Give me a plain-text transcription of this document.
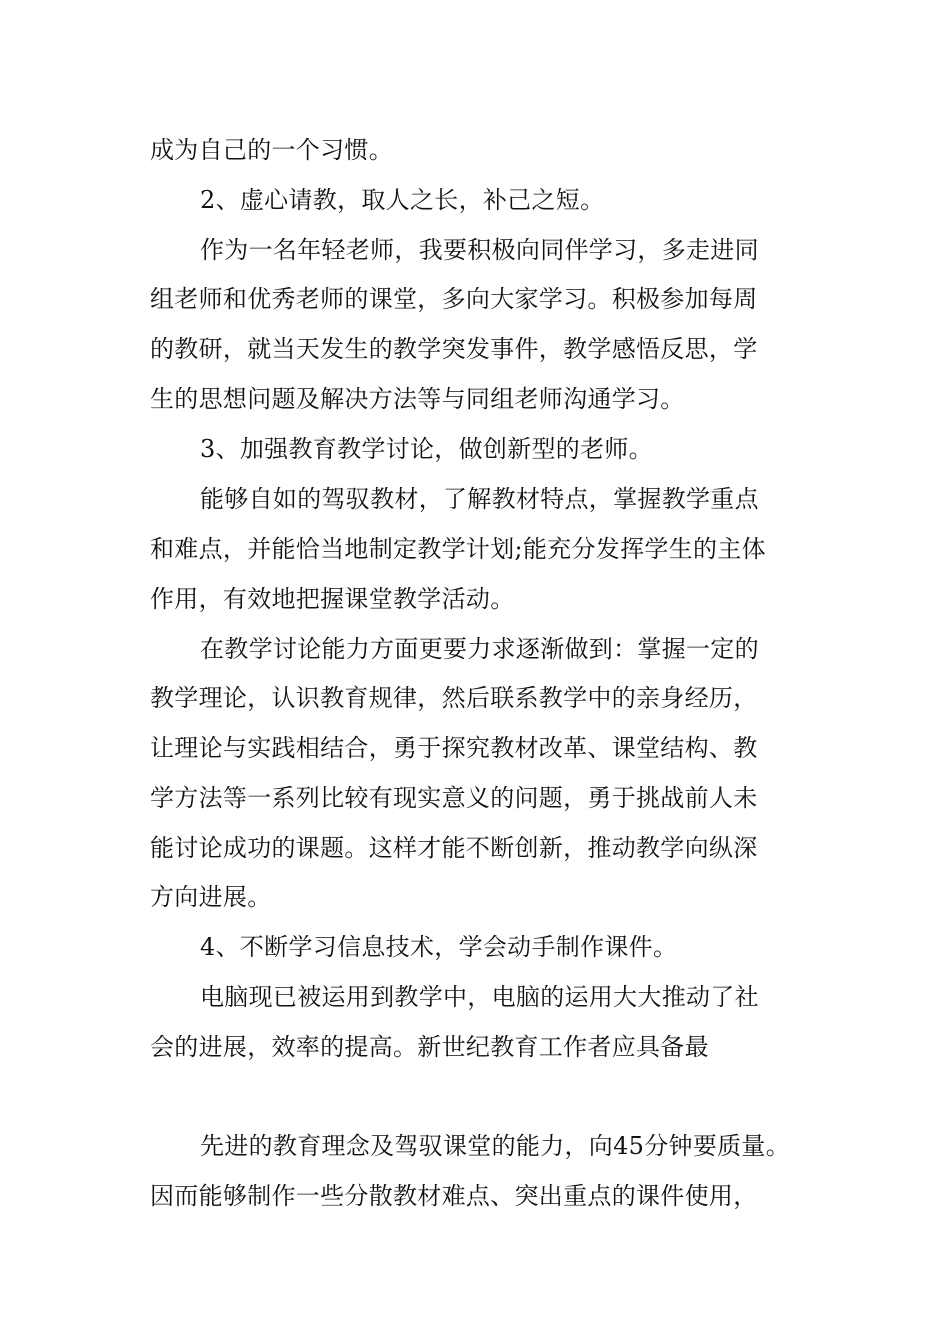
成为自己的一个习惯。
2、虚心请教，取人之长，补己之短。
作为一名年轻老师，我要积极向同伴学习，多走进同
组老师和优秀老师的课堂，多向大家学习。积极参加每周
的教研，就当天发生的教学突发事件，教学感悟反思，学
生的思想问题及解决方法等与同组老师沟通学习。
3、加强教育教学讨论，做创新型的老师。
能够自如的驾驭教材，了解教材特点，掌握教学重点
和难点，并能恰当地制定教学计划;能充分发挥学生的主体
作用，有效地把握课堂教学活动。
在教学讨论能力方面更要力求逐渐做到：掌握一定的
教学理论，认识教育规律，然后联系教学中的亲身经历，
让理论与实践相结合，勇于探究教材改革、课堂结构、教
学方法等一系列比较有现实意义的问题，勇于挑战前人未
能讨论成功的课题。这样才能不断创新，推动教学向纵深
方向进展。
4、不断学习信息技术，学会动手制作课件。
电脑现已被运用到教学中，电脑的运用大大推动了社
会的进展，效率的提高。新世纪教育工作者应具备最
先进的教育理念及驾驭课堂的能力，向45分钟要质量。
因而能够制作一些分散教材难点、突出重点的课件使用，
